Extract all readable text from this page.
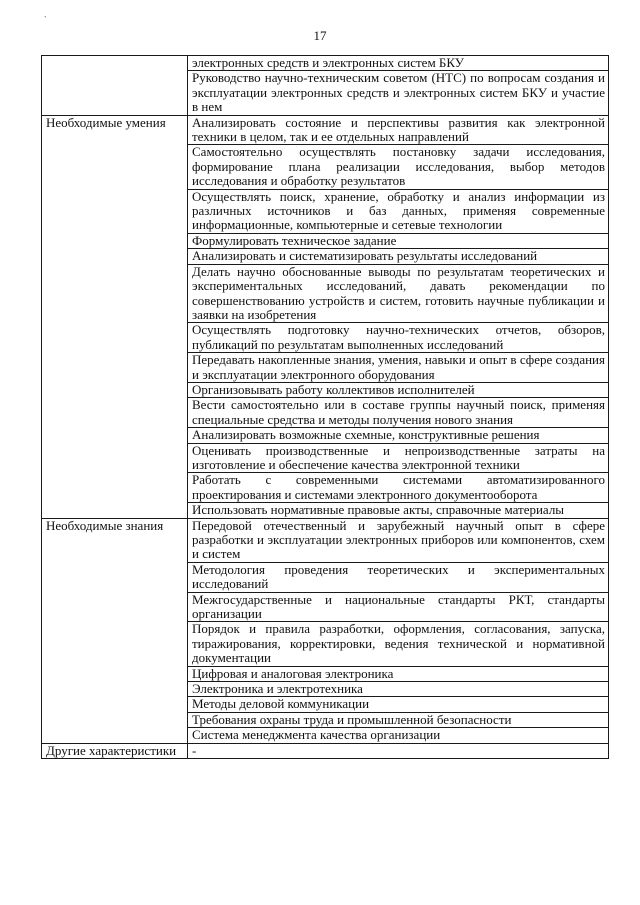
17
`
	электронных средств и электронных систем БКУ
	Руководство научно-техническим советом (НТС) по вопросам создания и эксплуатации электронных средств и электронных систем БКУ и участие в нем
Необходимые умения	Анализировать состояние и перспективы развития как электронной техники в целом, так и ее отдельных направлений
	Самостоятельно осуществлять постановку задачи исследования, формирование плана реализации исследования, выбор методов исследования и обработку результатов
	Осуществлять поиск, хранение, обработку и анализ информации из различных источников и баз данных, применяя современные информационные, компьютерные и сетевые технологии
	Формулировать техническое задание
	Анализировать и систематизировать результаты исследований
	Делать научно обоснованные выводы по результатам теоретических и экспериментальных исследований, давать рекомендации по совершенствованию устройств и систем, готовить научные публикации и заявки на изобретения
	Осуществлять подготовку научно-технических отчетов, обзоров, публикаций по результатам выполненных исследований
	Передавать накопленные знания, умения, навыки и опыт в сфере создания и эксплуатации электронного оборудования
	Организовывать работу коллективов исполнителей
	Вести самостоятельно или в составе группы научный поиск, применяя специальные средства и методы получения нового знания
	Анализировать возможные схемные, конструктивные решения
	Оценивать производственные и непроизводственные затраты на изготовление и обеспечение качества электронной техники
	Работать с современными системами автоматизированного проектирования и системами электронного документооборота
	Использовать нормативные правовые акты, справочные материалы
Необходимые знания	Передовой отечественный и зарубежный научный опыт в сфере разработки и эксплуатации электронных приборов или компонентов, схем и систем
	Методология проведения теоретических и экспериментальных исследований
	Межгосударственные и национальные стандарты РКТ, стандарты организации
	Порядок и правила разработки, оформления, согласования, запуска, тиражирования, корректировки, ведения технической и нормативной документации
	Цифровая и аналоговая электроника
	Электроника и электротехника
	Методы деловой коммуникации
	Требования охраны труда и промышленной безопасности
	Система менеджмента качества организации
Другие характеристики	-
